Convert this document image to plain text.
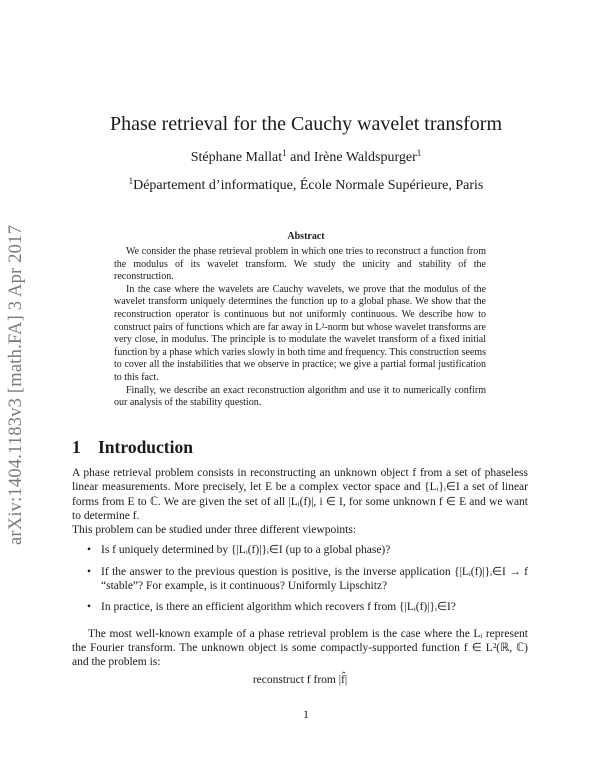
arXiv:1404.1183v3 [math.FA] 3 Apr 2017
Phase retrieval for the Cauchy wavelet transform
Stéphane Mallat$^1$ and Irène Waldspurger$^1$
$^1$Département d’informatique, École Normale Supérieure, Paris
Abstract

We consider the phase retrieval problem in which one tries to reconstruct a function from the modulus of its wavelet transform. We study the unicity and stability of the reconstruction.

In the case where the wavelets are Cauchy wavelets, we prove that the modulus of the wavelet transform uniquely determines the function up to a global phase. We show that the reconstruction operator is continuous but not uniformly continuous. We describe how to construct pairs of functions which are far away in L²-norm but whose wavelet transforms are very close, in modulus. The principle is to modulate the wavelet transform of a fixed initial function by a phase which varies slowly in both time and frequency. This construction seems to cover all the instabilities that we observe in practice; we give a partial formal justification to this fact.

Finally, we describe an exact reconstruction algorithm and use it to numerically confirm our analysis of the stability question.

1 Introduction

A phase retrieval problem consists in reconstructing an unknown object f from a set of phaseless linear measurements. More precisely, let E be a complex vector space and {Lᵢ}ᵢ∈I a set of linear forms from E to ℂ. We are given the set of all |Lᵢ(f)|, i ∈ I, for some unknown f ∈ E and we want to determine f.

This problem can be studied under three different viewpoints:

• Is f uniquely determined by {|Lᵢ(f)|}ᵢ∈I (up to a global phase)?
• If the answer to the previous question is positive, is the inverse application {|Lᵢ(f)|}ᵢ∈I → f “stable”? For example, is it continuous? Uniformly Lipschitz?
• In practice, is there an efficient algorithm which recovers f from {|Lᵢ(f)|}ᵢ∈I?

The most well-known example of a phase retrieval problem is the case where the Lᵢ represent the Fourier transform. The unknown object is some compactly-supported function f ∈ L²(ℝ, ℂ) and the problem is:

reconstruct f from |f̂|

1
